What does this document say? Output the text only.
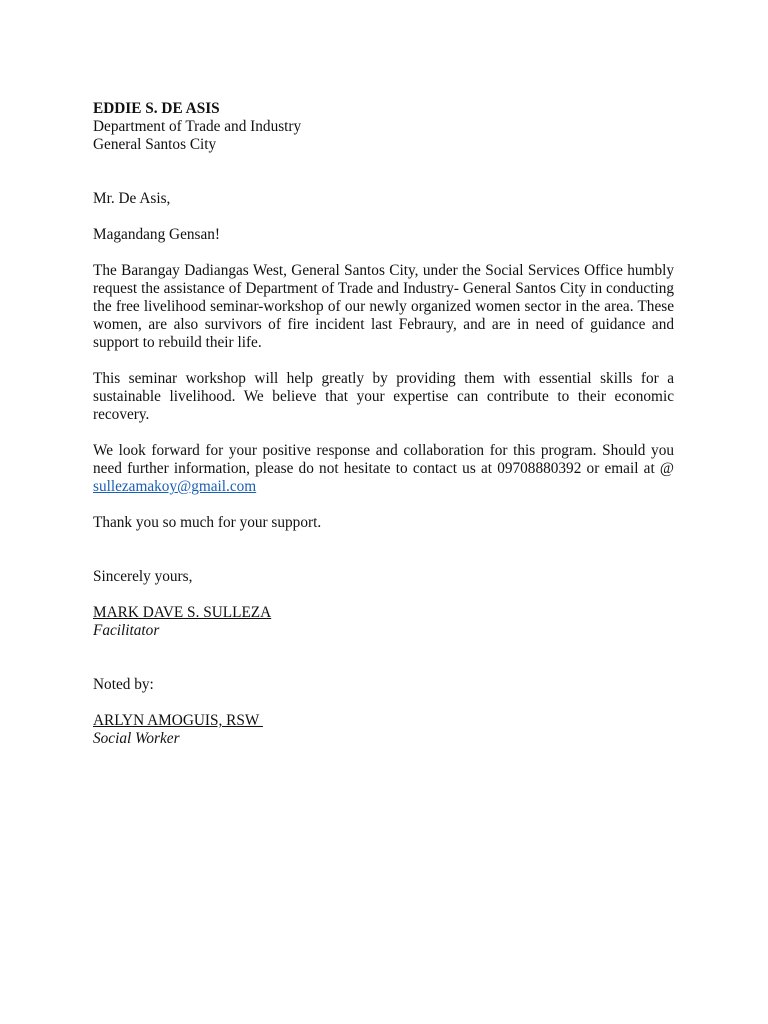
EDDIE S. DE ASIS
Department of Trade and Industry
General Santos City
Mr. De Asis,
Magandang Gensan!

The Barangay Dadiangas West, General Santos City, under the Social Services Office humbly request the assistance of Department of Trade and Industry- General Santos City in conducting the free livelihood seminar-workshop of our newly organized women sector in the area. These women, are also survivors of fire incident last Febraury, and are in need of guidance and support to rebuild their life.

This seminar workshop will help greatly by providing them with essential skills for a sustainable livelihood. We believe that your expertise can contribute to their economic recovery.

We look forward for your positive response and collaboration for this program. Should you need further information, please do not hesitate to contact us at 09708880392 or email at @ sullezamakoy@gmail.com

Thank you so much for your support.
Sincerely yours,
MARK DAVE S. SULLEZA
Facilitator
Noted by:
ARLYN AMOGUIS, RSW
Social Worker
